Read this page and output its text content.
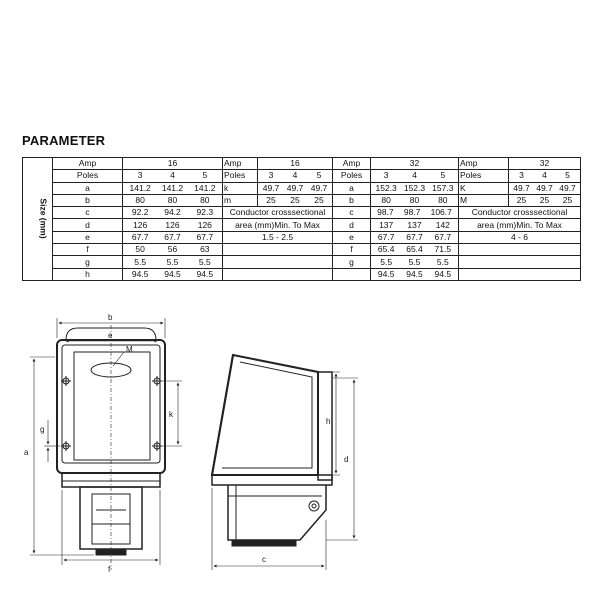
PARAMETER
Size (mm)	Amp	16	Amp	16	Amp	32	Amp	32

	Poles	3 4 5	Poles	3 4 5	Poles	3 4 5	Poles	3 4 5

	a	141.2 141.2 141.2	k	49.7 49.7 49.7	a	152.3 152.3 157.3	K	49.7 49.7 49.7

	b	80 80 80	m	25 25 25	b	80 80 80	M	25 25 25

	c	92.2 94.2 92.3	Conductor crosssectional		c	98.7 98.7 106.7	Conductor crosssectional	
	d	126 126 126	area (mm)Min. To Max		d	137 137 142	area (mm)Min. To Max	
	e	67.7 67.7 67.7	1.5 - 2.5		e	67.7 67.7 67.7	4 - 6	
	f	50 56 63			f	65.4 65.4 71.5		

	g	5.5 5.5 5.5			g	5.5 5.5 5.5		

	h	94.5 94.5 94.5				94.5 94.5 94.5		

b
e
M
k
g
a
f
h
d
c
